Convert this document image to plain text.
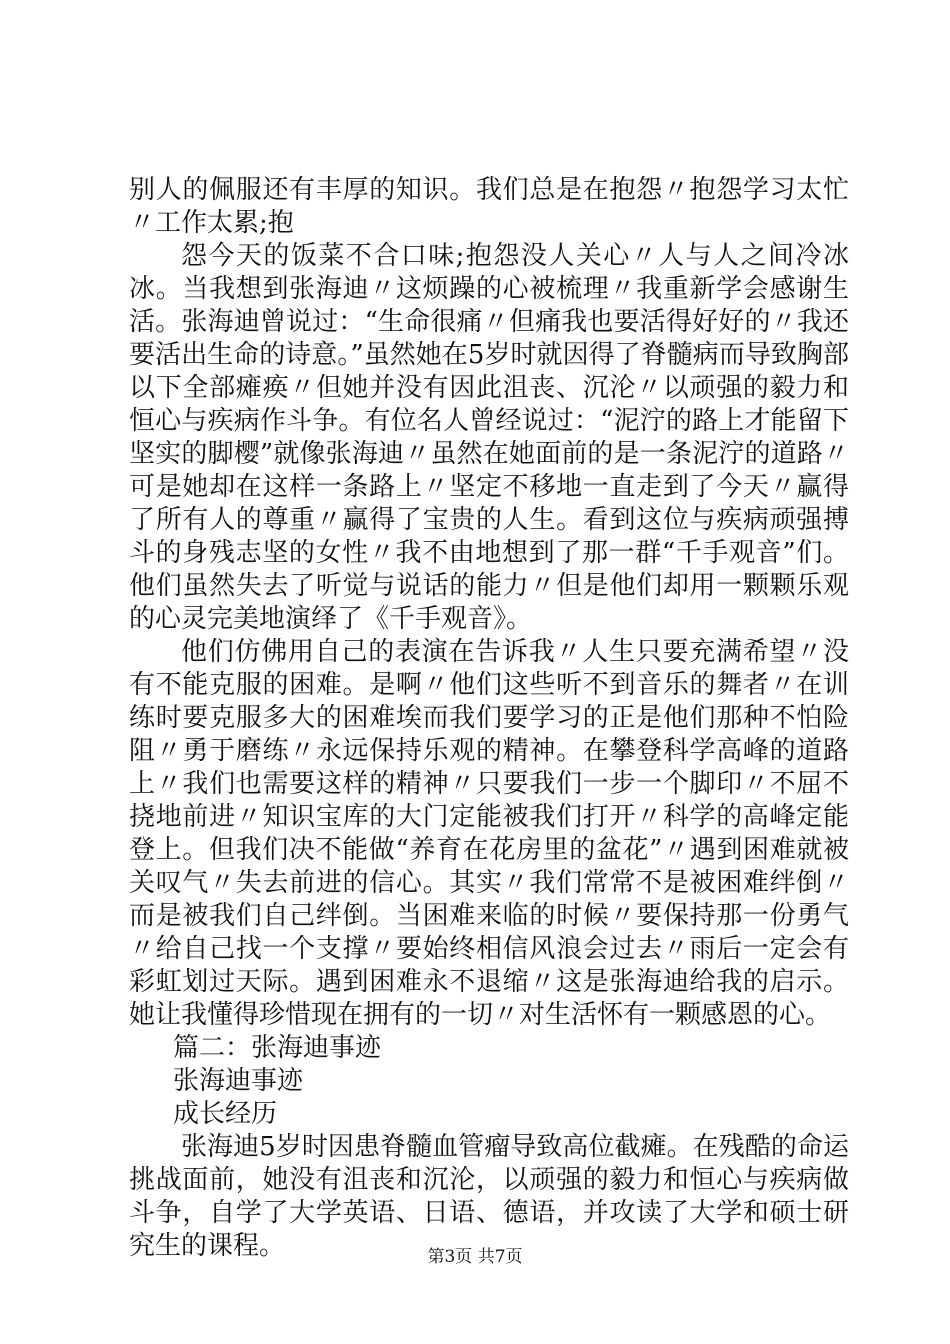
别人的佩服还有丰厚的知识。我们总是在抱怨〃抱怨学习太忙〃工作太累;抱

怨今天的饭菜不合口味;抱怨没人关心〃人与人之间冷冰冰。当我想到张海迪〃这烦躁的心被梳理〃我重新学会感谢生活。张海迪曾说过：“生命很痛〃但痛我也要活得好好的〃我还要活出生命的诗意。”虽然她在5岁时就因得了脊髓病而导致胸部以下全部瘫痪〃但她并没有因此沮丧、沉沦〃以顽强的毅力和恒心与疾病作斗争。有位名人曾经说过：“泥泞的路上才能留下坚实的脚樱”就像张海迪〃虽然在她面前的是一条泥泞的道路〃可是她却在这样一条路上〃坚定不移地一直走到了今天〃赢得了所有人的尊重〃赢得了宝贵的人生。看到这位与疾病顽强搏斗的身残志坚的女性〃我不由地想到了那一群“千手观音”们。他们虽然失去了听觉与说话的能力〃但是他们却用一颗颗乐观的心灵完美地演绎了《千手观音》。

他们仿佛用自己的表演在告诉我〃人生只要充满希望〃没有不能克服的困难。是啊〃他们这些听不到音乐的舞者〃在训练时要克服多大的困难埃而我们要学习的正是他们那种不怕险阻〃勇于磨练〃永远保持乐观的精神。在攀登科学高峰的道路上〃我们也需要这样的精神〃只要我们一步一个脚印〃不屈不挠地前进〃知识宝库的大门定能被我们打开〃科学的高峰定能登上。但我们决不能做“养育在花房里的盆花”〃遇到困难就被关叹气〃失去前进的信心。其实〃我们常常不是被困难绊倒〃而是被我们自己绊倒。当困难来临的时候〃要保持那一份勇气〃给自己找一个支撑〃要始终相信风浪会过去〃雨后一定会有彩虹划过天际。遇到困难永不退缩〃这是张海迪给我的启示。她让我懂得珍惜现在拥有的一切〃对生活怀有一颗感恩的心。

篇二：张海迪事迹

张海迪事迹

成长经历

张海迪5岁时因患脊髓血管瘤导致高位截瘫。在残酷的命运挑战面前，她没有沮丧和沉沦，以顽强的毅力和恒心与疾病做斗争，自学了大学英语、日语、德语，并攻读了大学和硕士研究生的课程。	第3页 共7页
